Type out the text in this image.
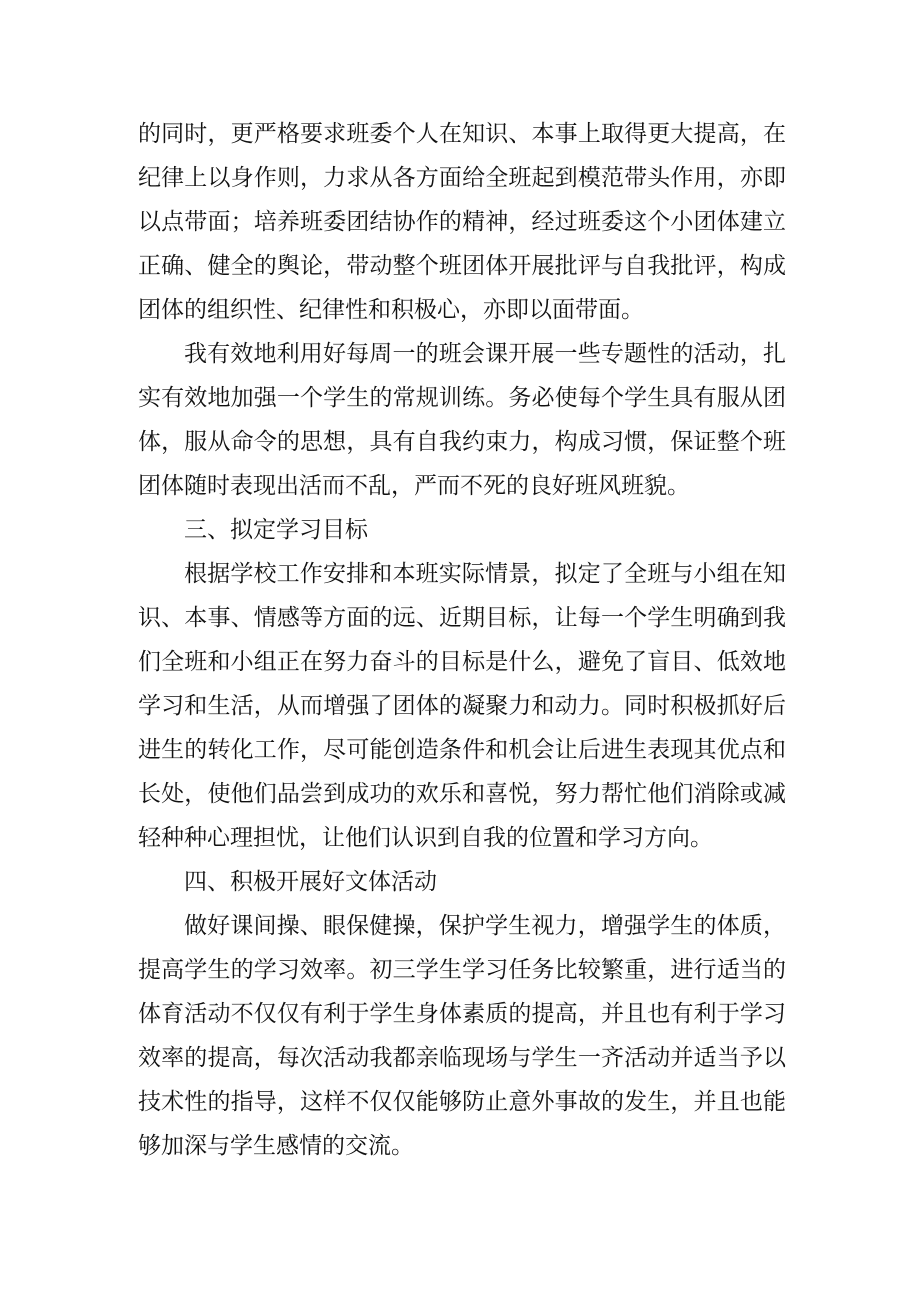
的同时，更严格要求班委个人在知识、本事上取得更大提高，在纪律上以身作则，力求从各方面给全班起到模范带头作用，亦即以点带面；培养班委团结协作的精神，经过班委这个小团体建立正确、健全的舆论，带动整个班团体开展批评与自我批评，构成团体的组织性、纪律性和积极心，亦即以面带面。

我有效地利用好每周一的班会课开展一些专题性的活动，扎实有效地加强一个学生的常规训练。务必使每个学生具有服从团体，服从命令的思想，具有自我约束力，构成习惯，保证整个班团体随时表现出活而不乱，严而不死的良好班风班貌。

三、拟定学习目标

根据学校工作安排和本班实际情景，拟定了全班与小组在知识、本事、情感等方面的远、近期目标，让每一个学生明确到我们全班和小组正在努力奋斗的目标是什么，避免了盲目、低效地学习和生活，从而增强了团体的凝聚力和动力。同时积极抓好后进生的转化工作，尽可能创造条件和机会让后进生表现其优点和长处，使他们品尝到成功的欢乐和喜悦，努力帮忙他们消除或减轻种种心理担忧，让他们认识到自我的位置和学习方向。

四、积极开展好文体活动

做好课间操、眼保健操，保护学生视力，增强学生的体质，提高学生的学习效率。初三学生学习任务比较繁重，进行适当的体育活动不仅仅有利于学生身体素质的提高，并且也有利于学习效率的提高，每次活动我都亲临现场与学生一齐活动并适当予以技术性的指导，这样不仅仅能够防止意外事故的发生，并且也能够加深与学生感情的交流。
